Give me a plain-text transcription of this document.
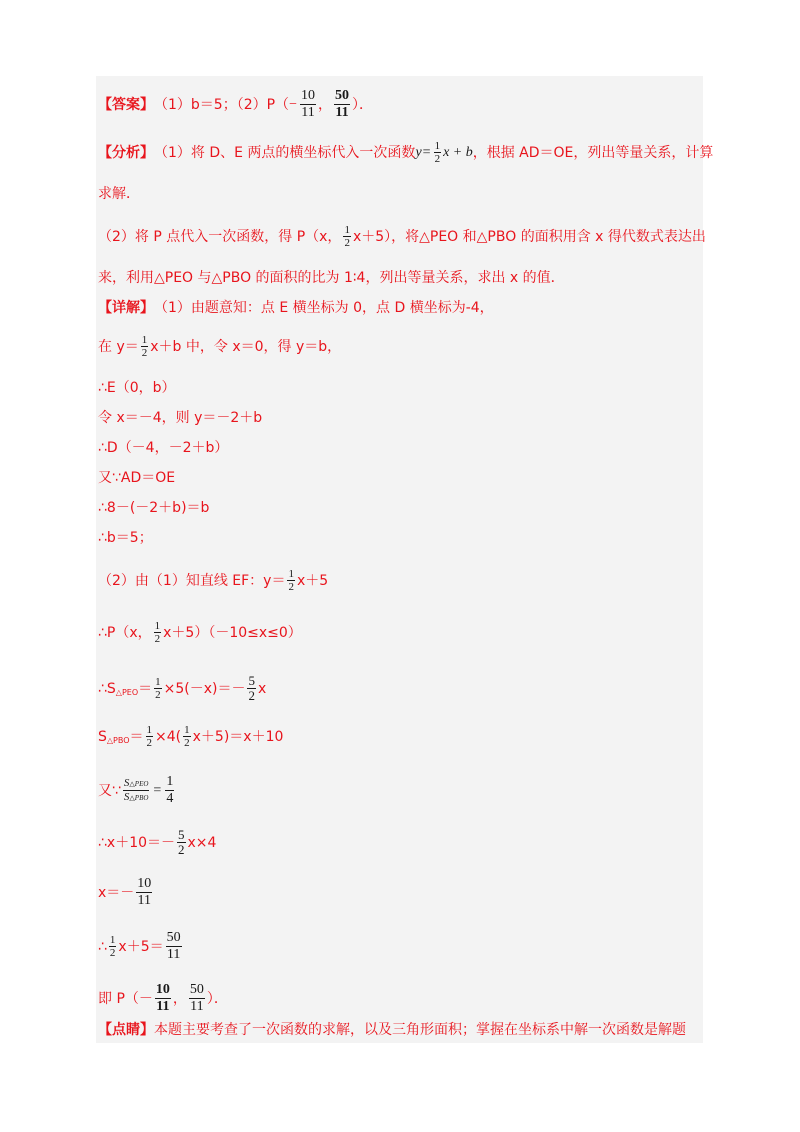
【答案】 （1）b＝5；$(2)P( - \frac{10}{11}$ ， $\frac{50}{11}$ ）．
【分析】 （1）将 D、E 两点的横坐标代入一次函数 $y = \frac{1}{2}$ x + b ，根据 AD＝OE，列出等量关系，计算
求解．
（2）将 P 点代入一次函数，得 P（x， $\frac{1}{2} x+5$），将△PEO 和△PBO 的面积用含 x 得代数式表达出
来，利用△PEO 与△PBO 的面积的比为 1∶4，列出等量关系，求出 x 的值．
【详解】 （1）由题意知：点 E 横坐标为 0，点 D 横坐标为-4，
在 $y= \frac{1}{2} x+b$ 中，令 x＝0，得 y＝b，
∴E（0，b）
令 x＝－4，则 y＝－2＋b
∴D（－4，－2＋b）
又∵AD＝OE
∴8－(－2＋b)＝b
∴b＝5；
（2）由（1）知直线 EF：$y= \frac{1}{2} x+5$
∴P（x， $\frac{1}{2} x+5)(-10\le x\le 0)$
∴S △PEO ＝ $\frac{1}{2} \times 5(-x)=- \frac{5}{2}$ x
S △PBO ＝ $\frac{1}{2} \times 4( \frac{1}{2} x+5)=x+10$
又∵ $\frac{\text{S△PEO}}{\text{S△PBO}} = \frac{1}{4}$
∴x＋10＝－ $\frac{5}{2} x\times 4$
$x=- \frac{10}{11}$
∴ $\frac{1}{2} x+5= \frac{50}{11}$
即 $P(- \frac{10}{11}$ ， $\frac{50}{11}$ ）．
【点睛】 本题主要考查了一次函数的求解，以及三角形面积；掌握在坐标系中解一次函数是解题
